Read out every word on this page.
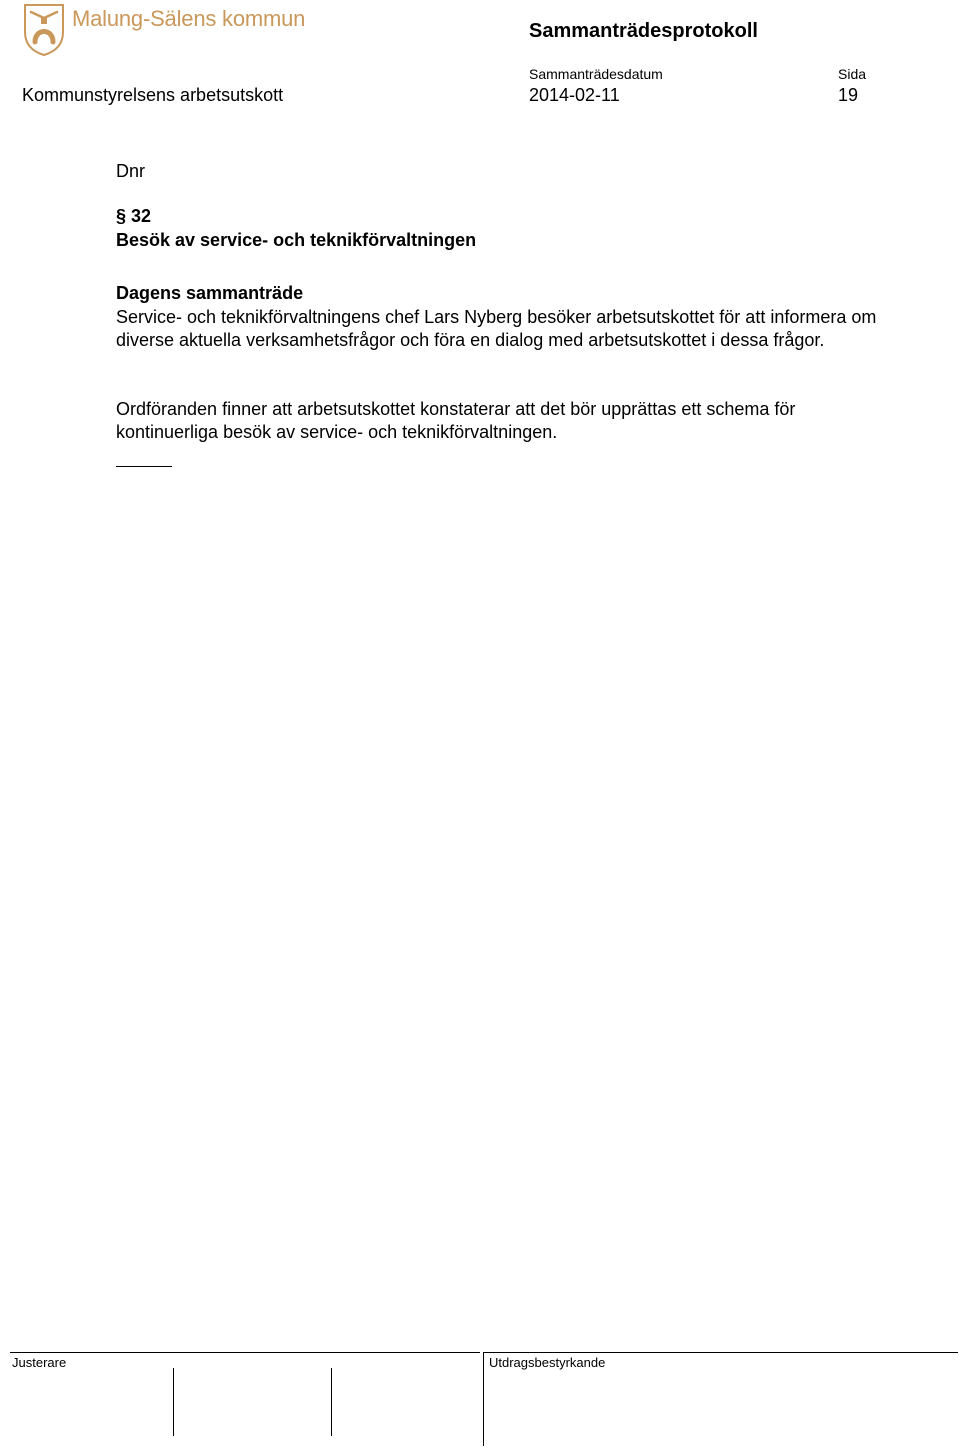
Malung-Sälens kommun	Sammanträdesprotokoll
Sammanträdesdatum	Sida
Kommunstyrelsens arbetsutskott	2014-02-11	19
Dnr
§ 32
Besök av service- och teknikförvaltningen
Dagens sammanträde
Service- och teknikförvaltningens chef Lars Nyberg besöker arbetsutskottet för att informera om diverse aktuella verksamhetsfrågor och föra en dialog med arbetsutskottet i dessa frågor.
Ordföranden finner att arbetsutskottet konstaterar att det bör upprättas ett schema för kontinuerliga besök av service- och teknikförvaltningen.
Justerare	Utdragsbestyrkande
